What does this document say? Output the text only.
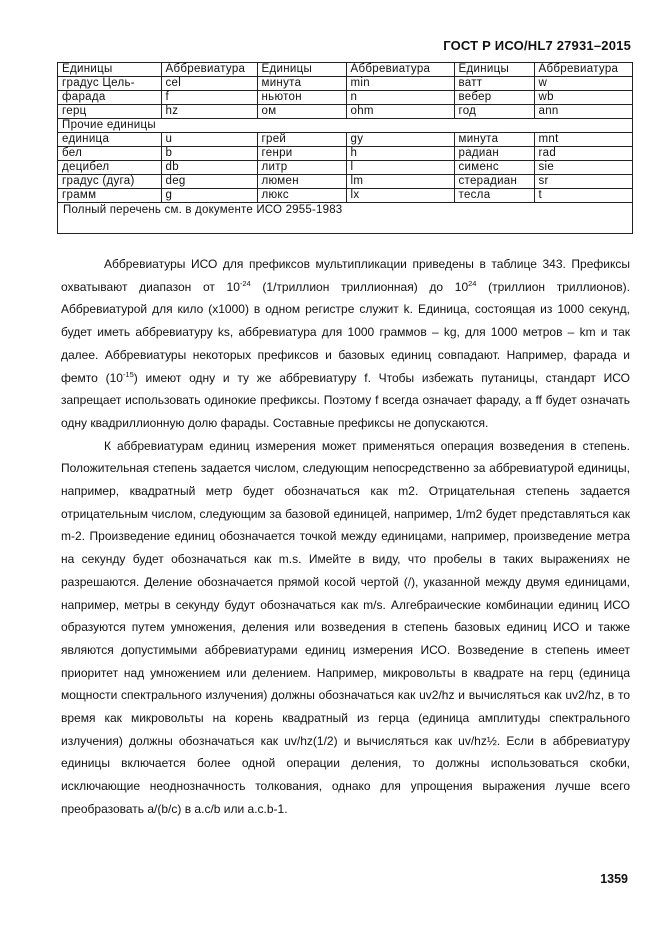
ГОСТ Р ИСО/HL7 27931–2015
Единицы	Аббревиатура	Единицы	Аббревиатура	Единицы	Аббревиатура
градус Цель-	cel	минута	min	ватт	w
фарада	f	ньютон	n	вебер	wb
герц	hz	ом	ohm	год	ann
Прочие единицы					
единица	u	грей	gy	минута	mnt
бел	b	генри	h	радиан	rad
децибел	db	литр	l	сименс	sie
градус (дуга)	deg	люмен	lm	стерадиан	sr
грамм	g	люкс	lx	тесла	t
Полный перечень см. в документе ИСО 2955-1983

Аббревиатуры ИСО для префиксов мультипликации приведены в таблице 343. Префиксы охватывают диапазон от $10^{-24}$ (1/триллион триллионная) до $10^{24}$ (триллион триллионов). Аббревиатурой для кило (x1000) в одном регистре служит k. Единица, состоящая из 1000 секунд, будет иметь аббревиатуру ks, аббревиатура для 1000 граммов – kg, для 1000 метров – km и так далее. Аббревиатуры некоторых префиксов и базовых единиц совпадают. Например, фарада и фемто $(10^{-15})$ имеют одну и ту же аббревиатуру f. Чтобы избежать путаницы, стандарт ИСО запрещает использовать одинокие префиксы. Поэтому f всегда означает фараду, а ff будет означать одну квадриллионную долю фарады. Составные префиксы не допускаются.

К аббревиатурам единиц измерения может применяться операция возведения в степень. Положительная степень задается числом, следующим непосредственно за аббревиатурой единицы, например, квадратный метр будет обозначаться как m2. Отрицательная степень задается отрицательным числом, следующим за базовой единицей, например, 1/m2 будет представляться как m-2. Произведение единиц обозначается точкой между единицами, например, произведение метра на секунду будет обозначаться как m.s. Имейте в виду, что пробелы в таких выражениях не разрешаются. Деление обозначается прямой косой чертой (/), указанной между двумя единицами, например, метры в секунду будут обозначаться как m/s. Алгебраические комбинации единиц ИСО образуются путем умножения, деления или возведения в степень базовых единиц ИСО и также являются допустимыми аббревиатурами единиц измерения ИСО. Возведение в степень имеет приоритет над умножением или делением. Например, микровольты в квадрате на герц (единица мощности спектрального излучения) должны обозначаться как uv2/hz и вычисляться как uv2/hz, в то время как микровольты на корень квадратный из герца (единица амплитуды спектрального излучения) должны обозначаться как uv/hz(1/2) и вычисляться как uv/hz½. Если в аббревиатуру единицы включается более одной операции деления, то должны использоваться скобки, исключающие неоднозначность толкования, однако для упрощения выражения лучше всего преобразовать a/(b/c) в a.c/b или a.c.b-1.

1359
